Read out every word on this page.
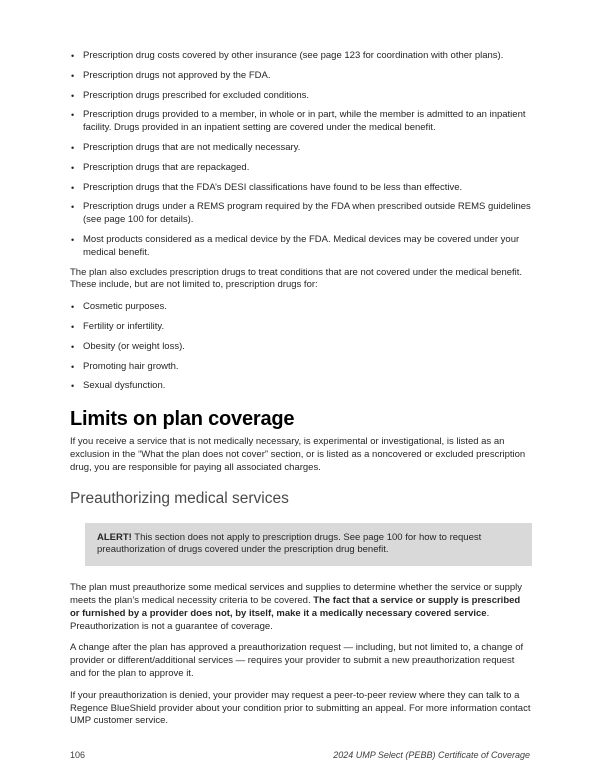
• Prescription drug costs covered by other insurance (see page 123 for coordination with other plans).
• Prescription drugs not approved by the FDA.
• Prescription drugs prescribed for excluded conditions.
• Prescription drugs provided to a member, in whole or in part, while the member is admitted to an inpatient facility. Drugs provided in an inpatient setting are covered under the medical benefit.
• Prescription drugs that are not medically necessary.
• Prescription drugs that are repackaged.
• Prescription drugs that the FDA’s DESI classifications have found to be less than effective.
• Prescription drugs under a REMS program required by the FDA when prescribed outside REMS guidelines (see page 100 for details).
• Most products considered as a medical device by the FDA. Medical devices may be covered under your medical benefit.

The plan also excludes prescription drugs to treat conditions that are not covered under the medical benefit. These include, but are not limited to, prescription drugs for:

• Cosmetic purposes.
• Fertility or infertility.
• Obesity (or weight loss).
• Promoting hair growth.
• Sexual dysfunction.
Limits on plan coverage

If you receive a service that is not medically necessary, is experimental or investigational, is listed as an exclusion in the “What the plan does not cover” section, or is listed as a noncovered or excluded prescription drug, you are responsible for paying all associated charges.

Preauthorizing medical services

ALERT! This section does not apply to prescription drugs. See page 100 for how to request preauthorization of drugs covered under the prescription drug benefit.

The plan must preauthorize some medical services and supplies to determine whether the service or supply meets the plan’s medical necessity criteria to be covered. The fact that a service or supply is prescribed or furnished by a provider does not, by itself, make it a medically necessary covered service. Preauthorization is not a guarantee of coverage.

A change after the plan has approved a preauthorization request — including, but not limited to, a change of provider or different/additional services — requires your provider to submit a new preauthorization request and for the plan to approve it.

If your preauthorization is denied, your provider may request a peer-to-peer review where they can talk to a Regence BlueShield provider about your condition prior to submitting an appeal. For more information contact UMP customer service.

106	2024 UMP Select (PEBB) Certificate of Coverage
